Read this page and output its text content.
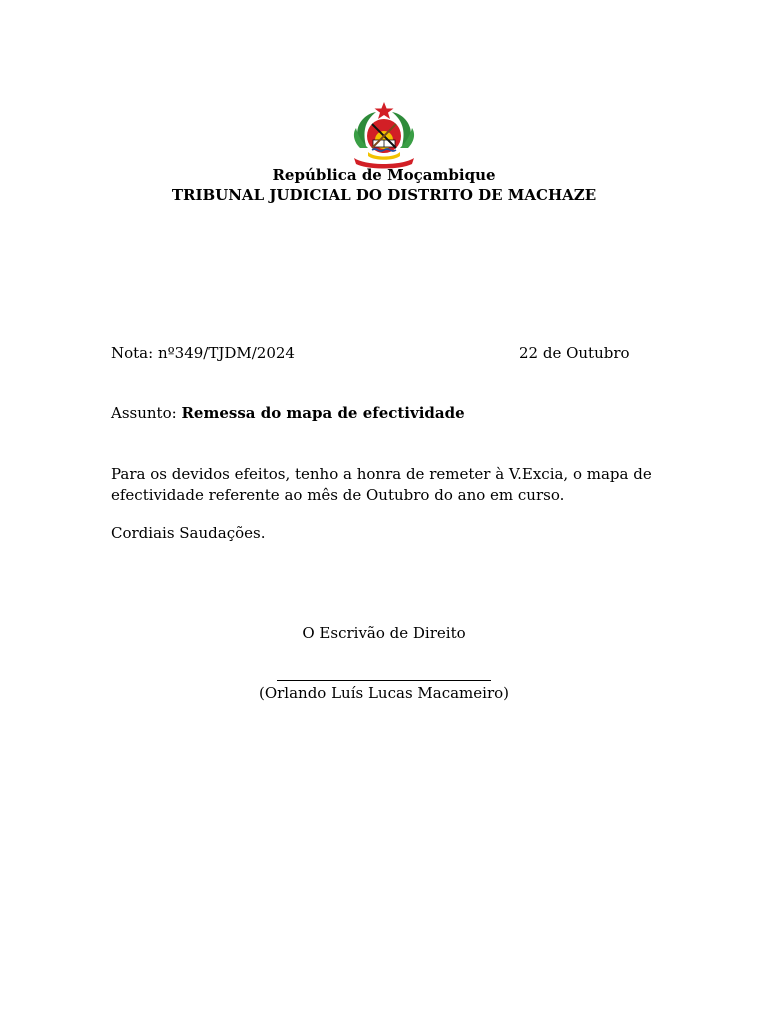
República de Moçambique
TRIBUNAL JUDICIAL DO DISTRITO DE MACHAZE
Nota: nº349/TJDM/2024	22 de Outubro
Assunto: Remessa do mapa de efectividade
Para os devidos efeitos, tenho a honra de remeter à V.Excia, o mapa de efectividade referente ao mês de Outubro do ano em curso.
Cordiais Saudações.
O Escrivão de Direito
(Orlando Luís Lucas Macameiro)
